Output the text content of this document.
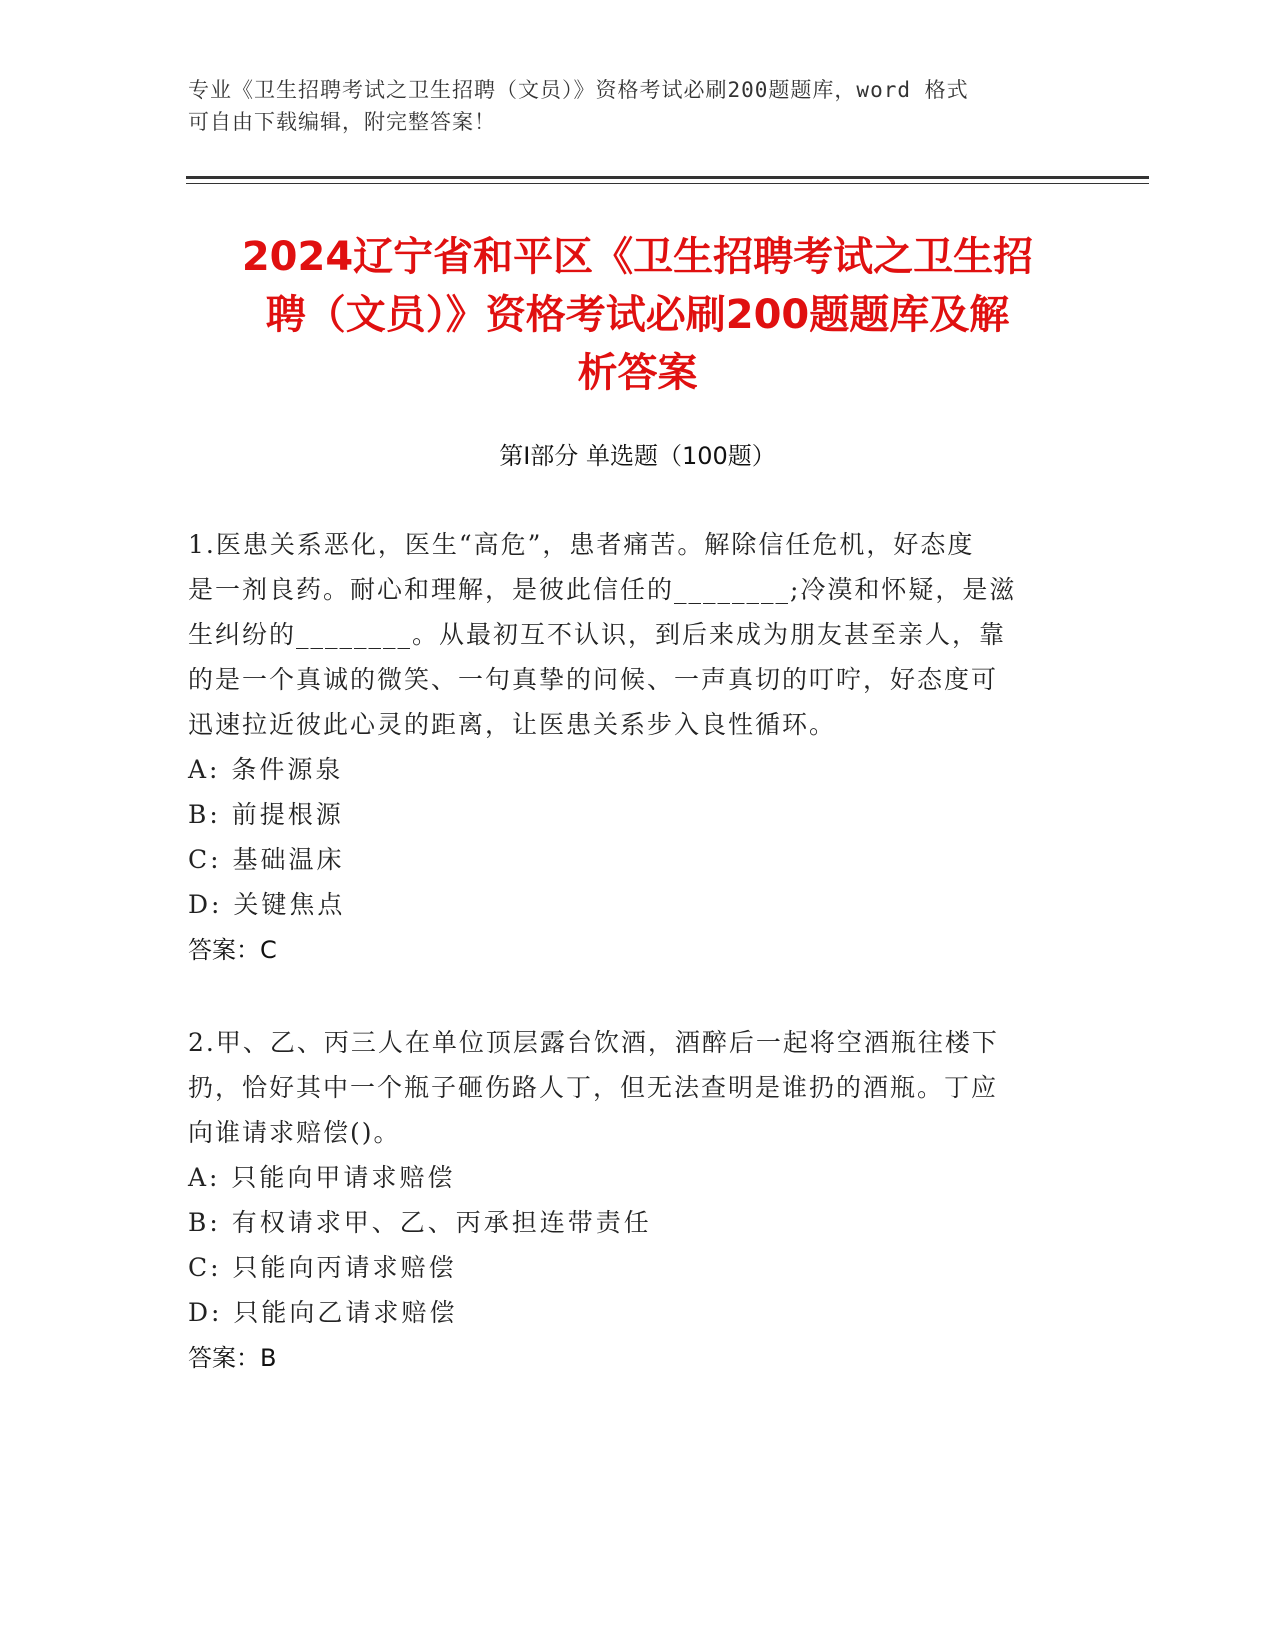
专业《卫生招聘考试之卫生招聘（文员）》资格考试必刷200题题库，word 格式
可自由下载编辑，附完整答案！
2024辽宁省和平区《卫生招聘考试之卫生招
聘（文员）》资格考试必刷200题题库及解
析答案
第Ⅰ部分 单选题（100题）

1.医患关系恶化，医生“高危”，患者痛苦。解除信任危机，好态度

是一剂良药。耐心和理解，是彼此信任的________;冷漠和怀疑，是滋

生纠纷的________。从最初互不认识，到后来成为朋友甚至亲人，靠

的是一个真诚的微笑、一句真挚的问候、一声真切的叮咛，好态度可

迅速拉近彼此心灵的距离，让医患关系步入良性循环。

A: 条件源泉

B: 前提根源

C: 基础温床

D: 关键焦点

答案：C

2.甲、乙、丙三人在单位顶层露台饮酒，酒醉后一起将空酒瓶往楼下

扔，恰好其中一个瓶子砸伤路人丁，但无法查明是谁扔的酒瓶。丁应

向谁请求赔偿()。

A: 只能向甲请求赔偿

B: 有权请求甲、乙、丙承担连带责任

C: 只能向丙请求赔偿

D: 只能向乙请求赔偿

答案：B
